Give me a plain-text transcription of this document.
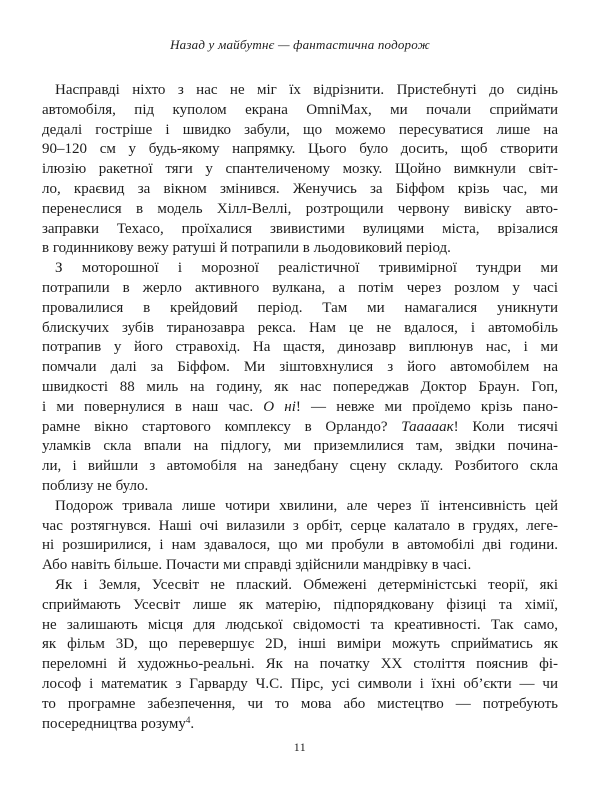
Назад у майбутнє — фантастична подорож
Насправді ніхто з нас не міг їх відрізнити. Пристебнуті до сидінь
автомобіля, під куполом екрана OmniMax, ми почали сприймати
дедалі гостріше і швидко забули, що можемо пересуватися лише на
90–120 см у будь-якому напрямку. Цього було досить, щоб створити
ілюзію ракетної тяги у спантеличеному мозку. Щойно вимкнули світ-
ло, краєвид за вікном змінився. Женучись за Біффом крізь час, ми
перенеслися в модель Хілл-Веллі, розтрощили червону вивіску авто-
заправки Texaco, проїхалися звивистими вулицями міста, врізалися
в годинникову вежу ратуші й потрапили в льодовиковий період.
З моторошної і морозної реалістичної тривимірної тундри ми
потрапили в жерло активного вулкана, а потім через розлом у часі
провалилися в крейдовий період. Там ми намагалися уникнути
блискучих зубів тиранозавра рекса. Нам це не вдалося, і автомобіль
потрапив у його стравохід. На щастя, динозавр виплюнув нас, і ми
помчали далі за Біффом. Ми зіштовхнулися з його автомобілем на
швидкості 88 миль на годину, як нас попереджав Доктор Браун. Гоп,
і ми повернулися в наш час. О ні! — невже ми проїдемо крізь пано-
рамне вікно стартового комплексу в Орландо? Тааааак! Коли тисячі
уламків скла впали на підлогу, ми приземлилися там, звідки почина-
ли, і вийшли з автомобіля на занедбану сцену складу. Розбитого скла
поблизу не було.
Подорож тривала лише чотири хвилини, але через її інтенсивність цей
час розтягнувся. Наші очі вилазили з орбіт, серце калатало в грудях, леге-
ні розширилися, і нам здавалося, що ми пробули в автомобілі дві години.
Або навіть більше. Почасти ми справді здійснили мандрівку в часі.
Як і Земля, Усесвіт не плаский. Обмежені детерміністські теорії, які
сприймають Усесвіт лише як матерію, підпорядковану фізиці та хімії,
не залишають місця для людської свідомості та креативності. Так само,
як фільм 3D, що перевершує 2D, інші виміри можуть сприйматись як
переломні й художньо-реальні. Як на початку XX століття пояснив фі-
лософ і математик з Гарварду Ч.С. Пірс, усі символи і їхні об’єкти — чи
то програмне забезпечення, чи то мова або мистецтво — потребують
посередництва розуму$^4$.
11
